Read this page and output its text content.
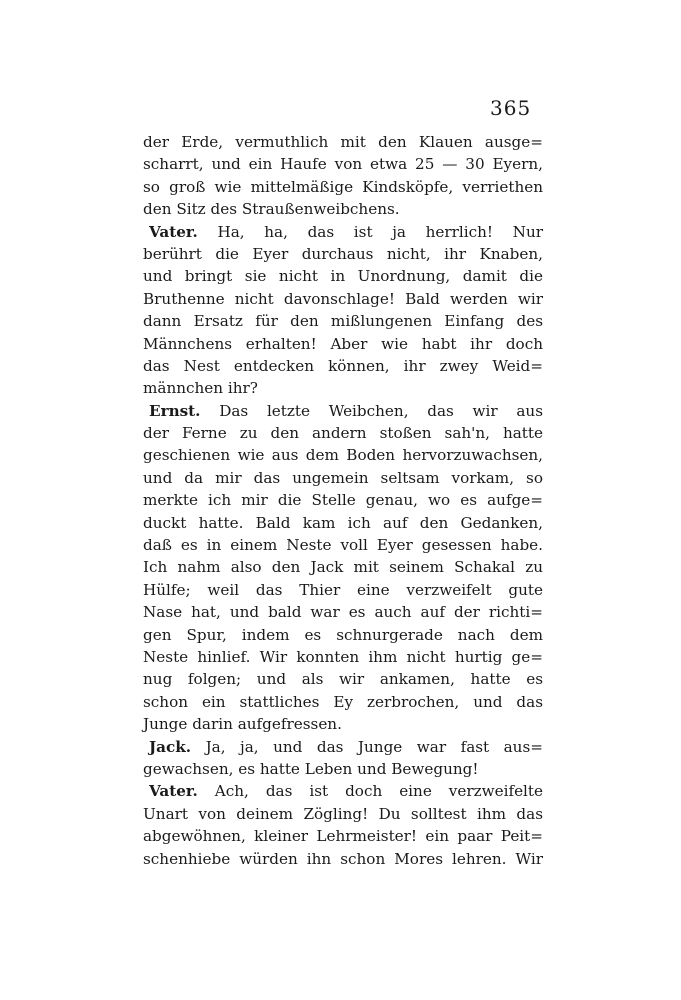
365
der Erde, vermuthlich mit den Klauen ausge=
scharrt, und ein Haufe von etwa 25 — 30 Eyern,
so groß wie mittelmäßige Kindsköpfe, verriethen
den Sitz des Straußenweibchens.
Vater. Ha, ha, das ist ja herrlich! Nur
berührt die Eyer durchaus nicht, ihr Knaben,
und bringt sie nicht in Unordnung, damit die
Bruthenne nicht davonschlage! Bald werden wir
dann Ersatz für den mißlungenen Einfang des
Männchens erhalten! Aber wie habt ihr doch
das Nest entdecken können, ihr zwey Weid=
männchen ihr?
Ernst. Das letzte Weibchen, das wir aus
der Ferne zu den andern stoßen sah'n, hatte
geschienen wie aus dem Boden hervorzuwachsen,
und da mir das ungemein seltsam vorkam, so
merkte ich mir die Stelle genau, wo es aufge=
duckt hatte. Bald kam ich auf den Gedanken,
daß es in einem Neste voll Eyer gesessen habe.
Ich nahm also den Jack mit seinem Schakal zu
Hülfe; weil das Thier eine verzweifelt gute
Nase hat, und bald war es auch auf der richti=
gen Spur, indem es schnurgerade nach dem
Neste hinlief. Wir konnten ihm nicht hurtig ge=
nug folgen; und als wir ankamen, hatte es
schon ein stattliches Ey zerbrochen, und das
Junge darin aufgefressen.
Jack. Ja, ja, und das Junge war fast aus=
gewachsen, es hatte Leben und Bewegung!
Vater. Ach, das ist doch eine verzweifelte
Unart von deinem Zögling! Du solltest ihm das
abgewöhnen, kleiner Lehrmeister! ein paar Peit=
schenhiebe würden ihn schon Mores lehren. Wir
